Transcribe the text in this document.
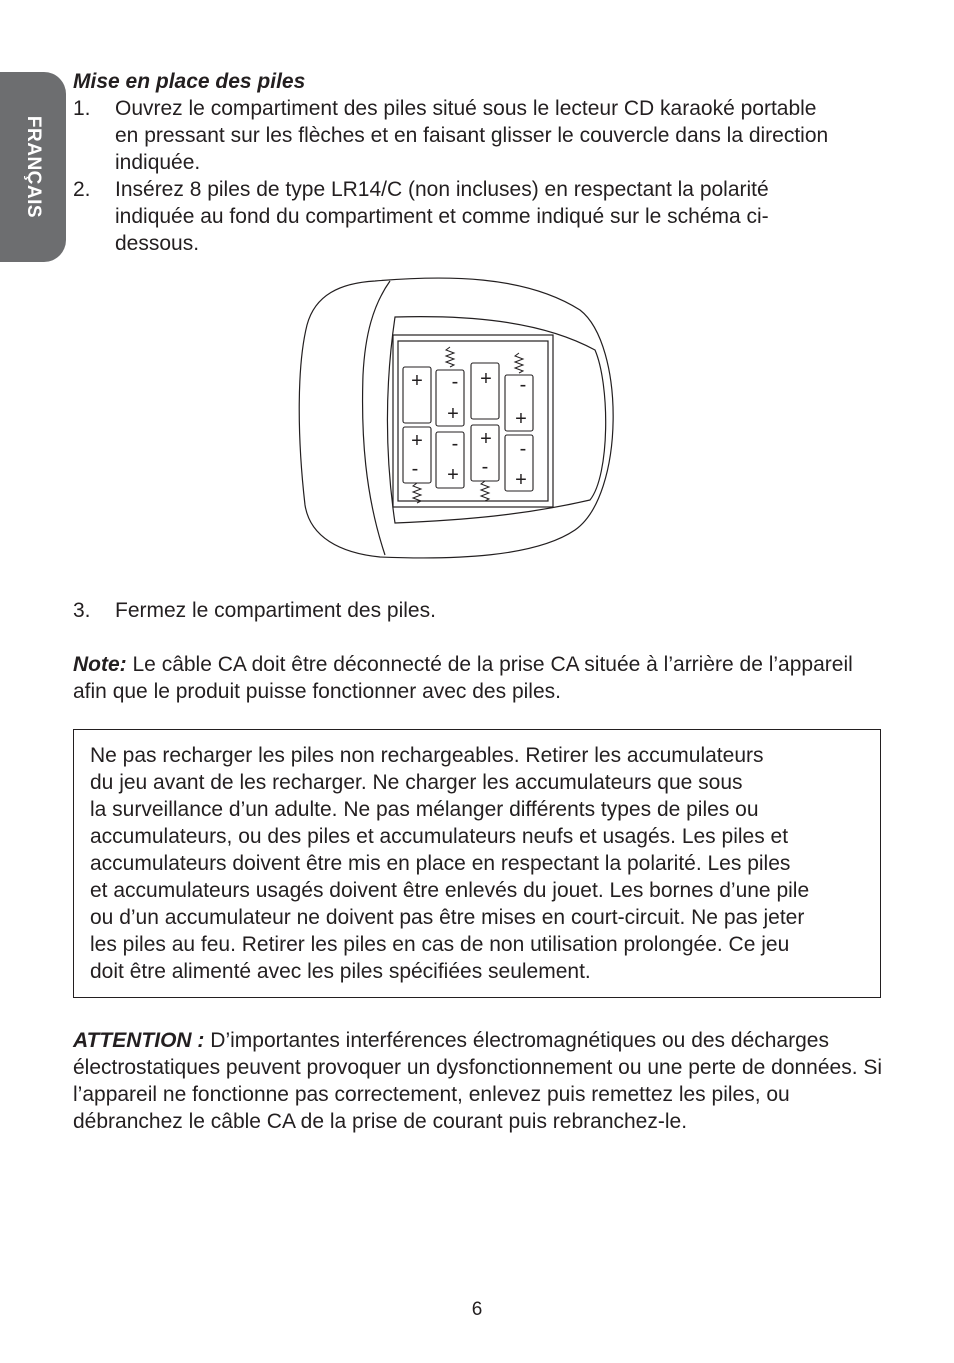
FRANÇAIS
Mise en place des piles
1. Ouvrez le compartiment des piles situé sous le lecteur CD karaoké portable
en pressant sur les flèches et en faisant glisser le couvercle dans la direction
indiquée.
2. Insérez 8 piles de type LR14/C (non incluses) en respectant la polarité
indiquée au fond du compartiment et comme indiqué sur le schéma ci-
dessous.
+ - + -
+	+
+ - + -
- + -
+
3. Fermez le compartiment des piles.
Note: Le câble CA doit être déconnecté de la prise CA située à l’arrière de l’appareil afin que le produit puisse fonctionner avec des piles.
Ne pas recharger les piles non rechargeables. Retirer les accumulateurs
du jeu avant de les recharger. Ne charger les accumulateurs que sous
la surveillance d’un adulte. Ne pas mélanger différents types de piles ou
accumulateurs, ou des piles et accumulateurs neufs et usagés. Les piles et
accumulateurs doivent être mis en place en respectant la polarité. Les piles
et accumulateurs usagés doivent être enlevés du jouet. Les bornes d’une pile
ou d’un accumulateur ne doivent pas être mises en court-circuit. Ne pas jeter
les piles au feu. Retirer les piles en cas de non utilisation prolongée. Ce jeu
doit être alimenté avec les piles spécifiées seulement.
ATTENTION : D’importantes interférences électromagnétiques ou des décharges électrostatiques peuvent provoquer un dysfonctionnement ou une perte de données. Si l’appareil ne fonctionne pas correctement, enlevez puis remettez les piles, ou débranchez le câble CA de la prise de courant puis rebranchez-le.
6
